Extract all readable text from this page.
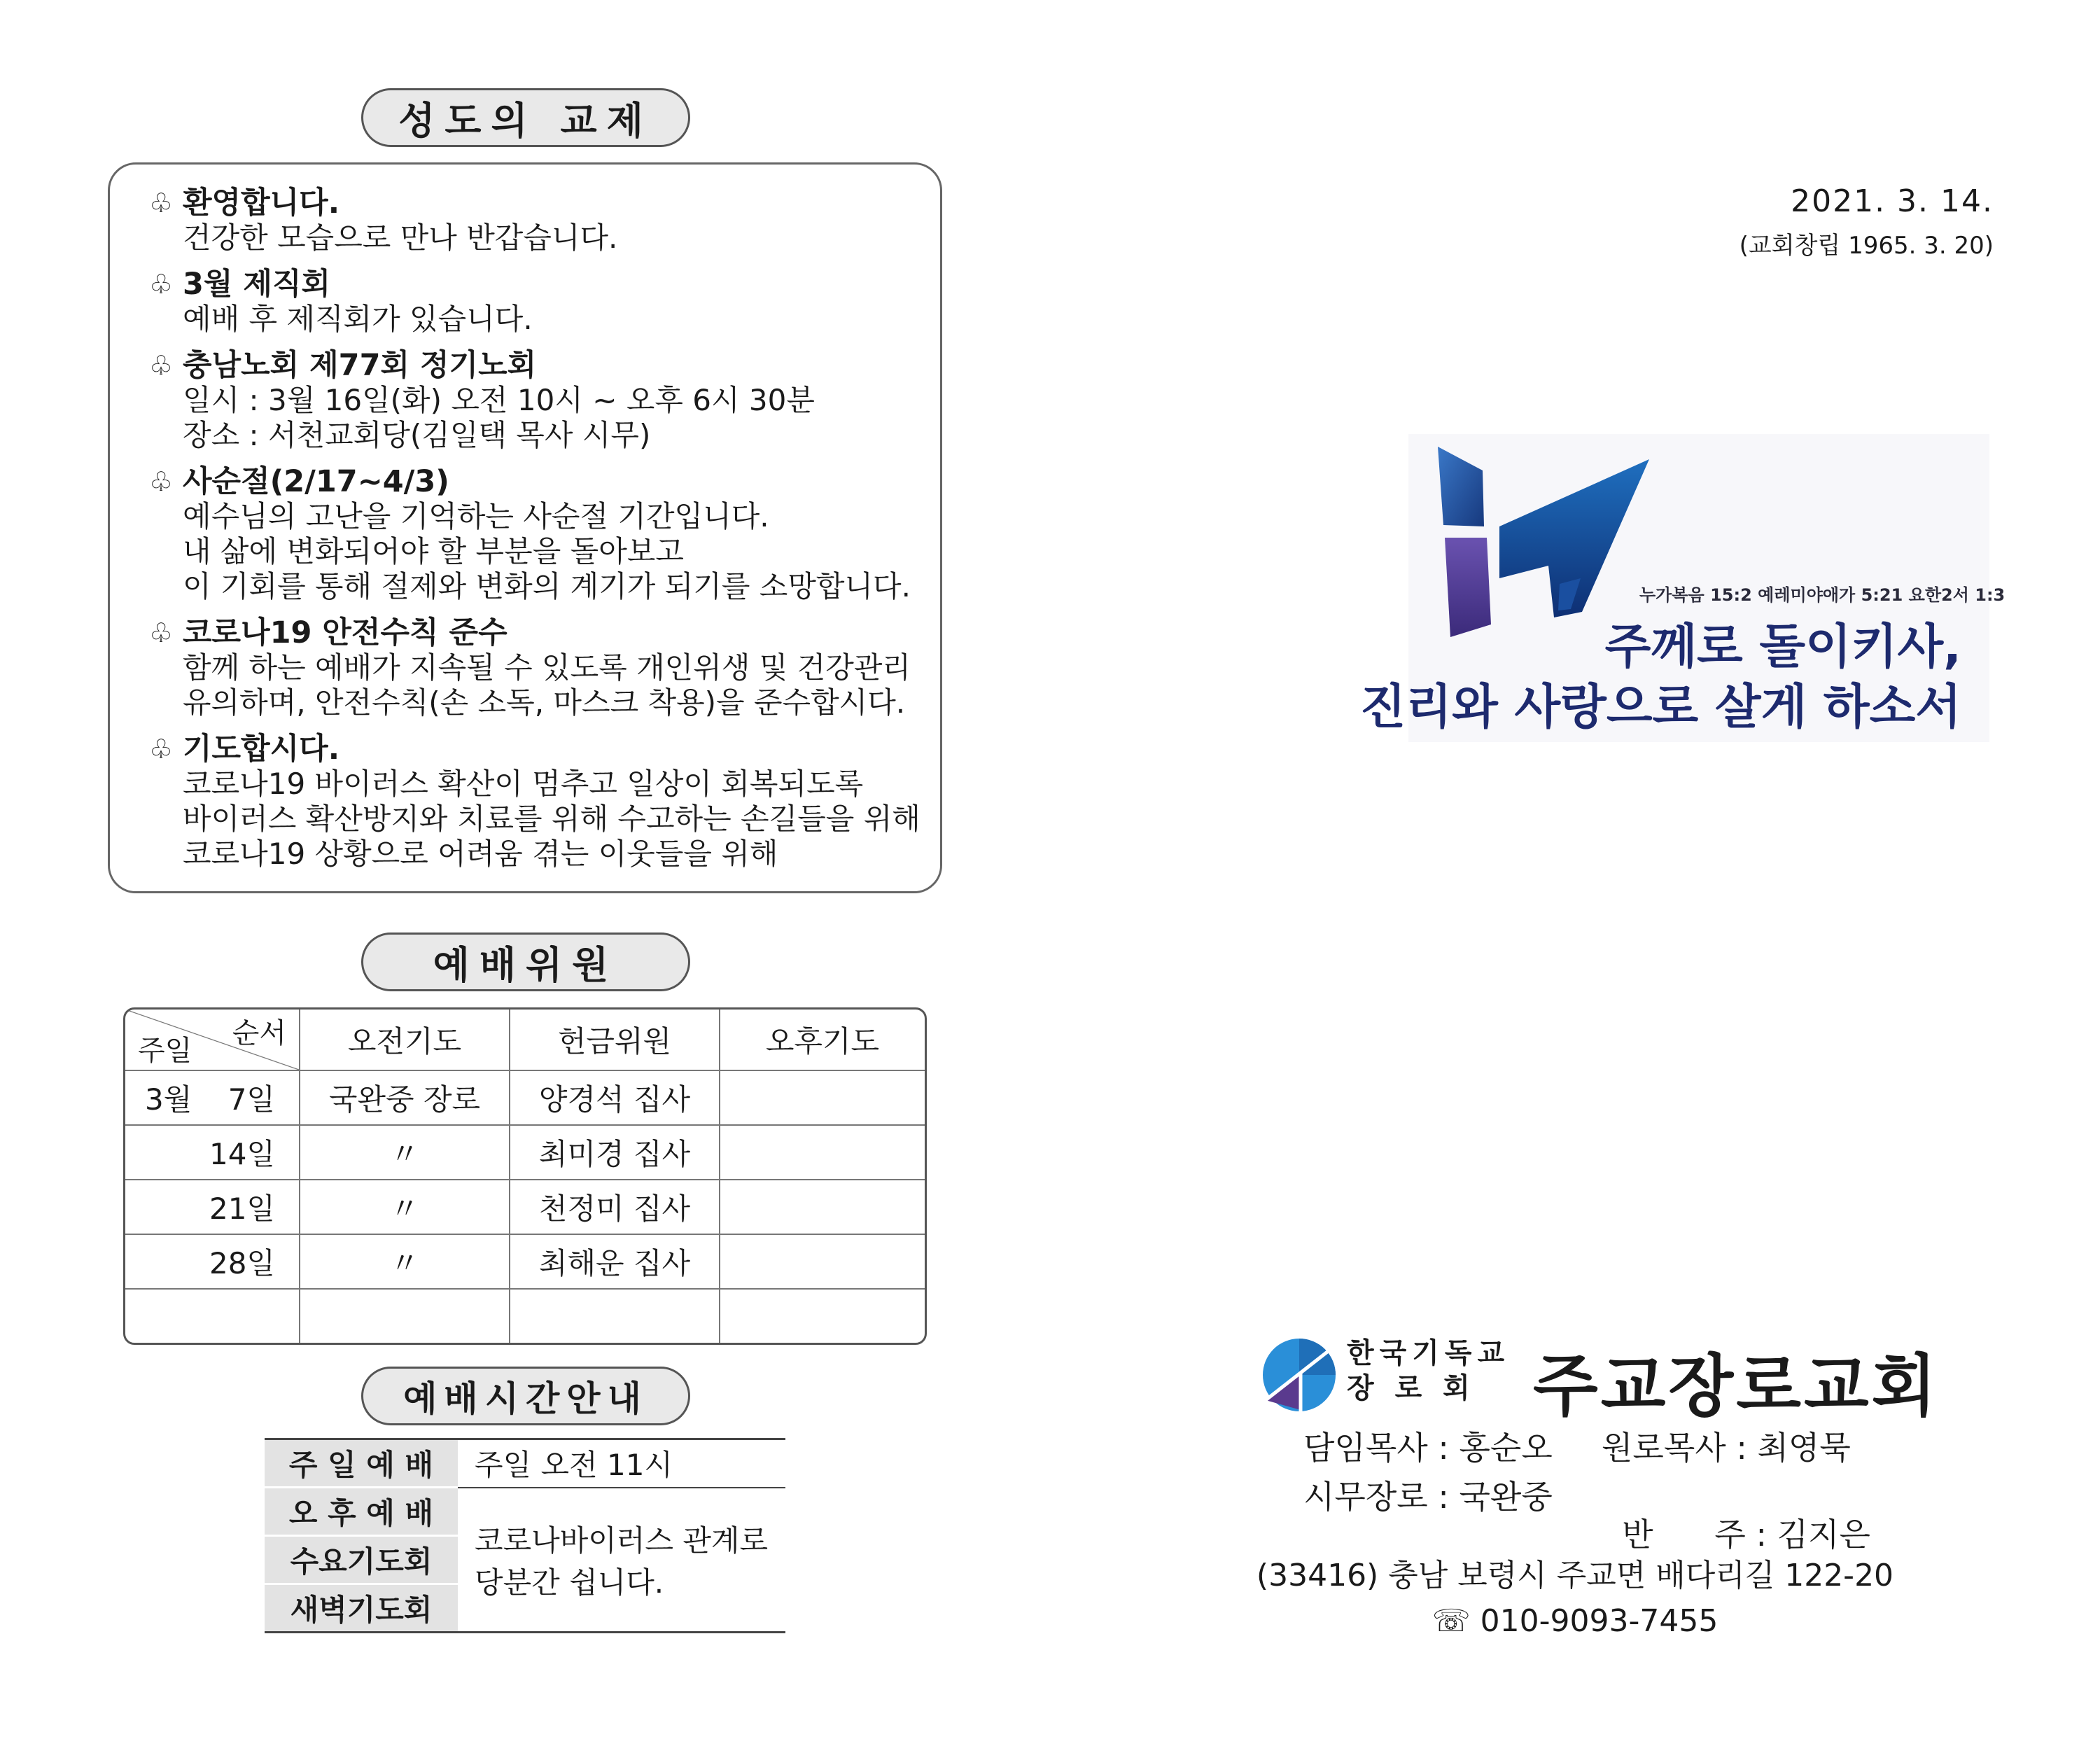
성도의 교제
♧ 환영합니다.
건강한 모습으로 만나 반갑습니다.
♧ 3월 제직회
예배 후 제직회가 있습니다.
♧ 충남노회 제77회 정기노회
일시 : 3월 16일(화) 오전 10시 ~ 오후 6시 30분
장소 : 서천교회당(김일택 목사 시무)
♧ 사순절(2/17~4/3)
예수님의 고난을 기억하는 사순절 기간입니다.
내 삶에 변화되어야 할 부분을 돌아보고
이 기회를 통해 절제와 변화의 계기가 되기를 소망합니다.
♧ 코로나19 안전수칙 준수
함께 하는 예배가 지속될 수 있도록 개인위생 및 건강관리
유의하며, 안전수칙(손 소독, 마스크 착용)을 준수합시다.
♧ 기도합시다.
코로나19 바이러스 확산이 멈추고 일상이 회복되도록
바이러스 확산방지와 치료를 위해 수고하는 손길들을 위해
코로나19 상황으로 어려움 겪는 이웃들을 위해
예배위원
순서
주일	오전기도	헌금위원	오후기도

3월 7일	국완중 장로	양경석 집사	

14일	〃	최미경 집사	

21일	〃	천정미 집사	

28일	〃	최해운 집사	

예배시간안내
주 일 예 배	주일 오전 11시
오 후 예 배	코로나바이러스 관계로
당분간 쉽니다.

수요기도회	
새벽기도회	
2021. 3. 14.
(교회창립 1965. 3. 20)
누가복음 15:2 예레미야애가 5:21 요한2서 1:3
주께로 돌이키사,
진리와 사랑으로 살게 하소서
한국기독교
장 로 회 주교장로교회
담임목사 : 홍순오 원로목사 : 최영묵
시무장로 : 국완중

반      주 : 김지은

(33416) 충남 보령시 주교면 배다리길 122-20
☏ 010-9093-7455
